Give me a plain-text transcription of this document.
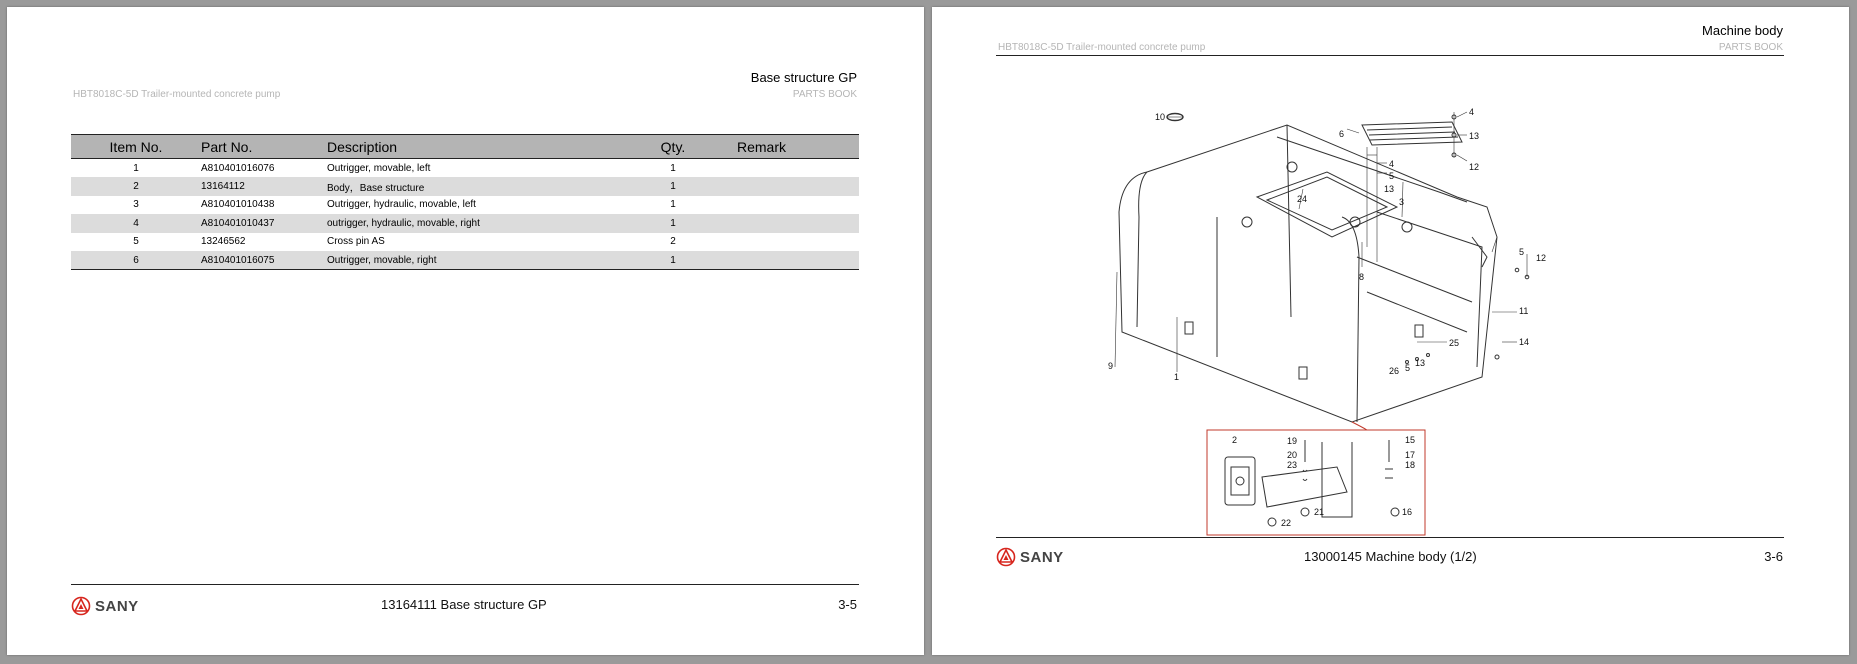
Base structure GP
HBT8018C-5D Trailer-mounted concrete pump	PARTS BOOK
Item No.	Part No.	Description	Qty.	Remark
1	A810401016076	Outrigger, movable, left	1	
2	13164112	Body，Base structure	1	
3	A810401010438	Outrigger, hydraulic, movable, left	1	
4	A810401010437	outrigger, hydraulic, movable, right	1	
5	13246562	Cross pin AS	2	
6	A810401016075	Outrigger, movable, right	1	
SANY	13164111 Base structure GP	3-5
Machine body
HBT8018C-5D Trailer-mounted concrete pump	PARTS BOOK
10
6
4
13
12
4
5
13
3
24
8
5
12
11
14
25
13
5
26
9
1
2	19
20
23
15
17
18
21	16
22
SANY	13000145 Machine body (1/2)	3-6
